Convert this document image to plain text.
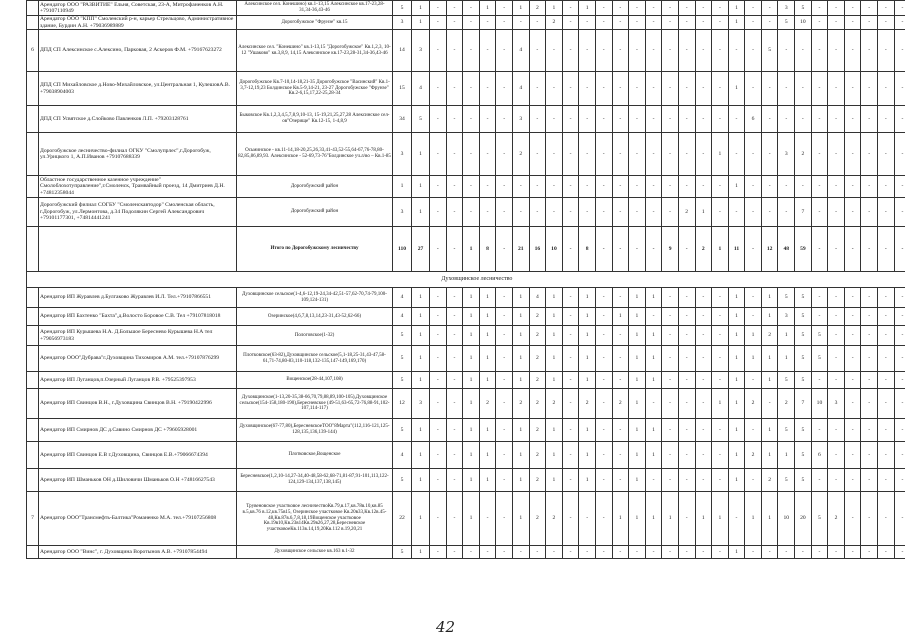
	Арендатор ООО "РАЗВИТИЕ" Ельня, Советская, 23-А, Митрофаненков А.Н. +79107110949	Алексинское сел. Конешино) кв.1-13,15 Алексинское кв.17-23,28-31,34-36,43-46	5	1	-	-	-	1	-	1	2	1	-	1	-	-	-	-	-	-	-	-	1	-	-	3	5	-	-	-	-	-	-
	Арендатор ООО "КПП" Смоленский р-н, карьер Стрельцово, Административное здание, Бурдин А.Н. +79036989889	Дорогобужское "Фрунзе" кв.15	3	1	-	-	-	-	-	-	-	2	-	-	-	-	-	-	-	-	-	-	1	-	-	5	10	-	-	-	-	-	-
6	ДПД СП Алексинское с.Алексино, Парковая, 2 Аскеров Ф.М. +79167623272	Алексинское сел. "Конешино" кв.1-13,15 "Дорогобужское" Кв.1,2,3, 10-12 "Ушаково" кв.3,8,9, 14,15 Алексинское кв.17-23,28-31,34-36,43-46	14	3	-	-	-	-	-	4	-	-	-	-	-	-	-	-	-	-	-	-	-	-	5	-	-	-	-	-	-	-	-
	ДПД СП Михайловское д.Ново-Михайловское, ул.Центральная 1, КулешовА.В. +79038904003	Дорогобужское Кв.7-10,14-18,21-35 Дорогобужское "Васинский" Кв.1-3,7-12,19,23 Болдинское Кв.5-9,14-21, 23-27 Дорогобужское "Фрунзе" Кв.2-6,15,17,22-25,28-34	15	4	-	-	-	-	-	4	-	-	-	-	-	-	-	-	-	-	-	-	1	-	-	-	-	-	-	-	-	-	-
	ДПД СП Усвятское д.Слойково Павленков Л.П. +79203128761	Быковское Кв.1,2,3,4,5,7,8,9,10-13, 15-19,21,25,27,28 Алексинское сел-ов"Озерище" Кв.12-15, 1-4,8,9	34	5	-	-	-	-	-	3	-	-	-	-	-	-	-	-	-	-	-	-	-	6	-	-	-	-	-	-	-	-	-
	Дорогобужское лесничество-филиал ОГКУ "Смолупрлес",г.Дорогобуж, ул.Урицкого 1, А.П.Иванов +79107688339	Осьминское - кв.11-14,18-20,25,26,33,41-43,52-55,64-67,76-78,80-82,85,86,89,93. Алексинское - 52-69,73-76"Болдинское уч.л/во – Кв.1-85	3	1	-	-	-	-	-	2	-	-	-	-	-	-	-	-	-	-	-	1	-	-	-	3	2	-	-	-	-	-	-
	Областное государственное казенное учреждение" Смолоблохотуправление",г.Смоленск, Трамвайный проезд, 14 Дмитриев Д.Н. +74812358044	Дорогобужский район	1	1	-	-	-	-	-	-	-	-	-	-	-	-	-	-	-	-	-	-	1	-	-	-	-	-	-	-	-	-	-
	Дорогобужский филиал СОГБУ "Смоленскавтодор" Смоленская область, г.Дорогобуж, ул.Лермонтова, д.34 Подолякин Сергей Александрович +79101177301, +74814441241	Дорогобужский район	3	1	-	-	-	-	-	-	-	-	-	-	-	-	-	-	-	2	1	-	-	-	-	-	7	-	-	-	-	-	-
		Итого по Дорогобужскому лесничеству	110	27	-	-	1	8	-	21	16	10	-	8	-	-	-	-	9	-	2	1	11	-	12	48	59	-	-	-	-	-	-
Духовщинское лесничество																																	
	Арендатор ИП Журавлев д.Булгаково Журавлев И.Л. Тел.+79107866551	Духовщинское сельское(1-4,6-12,19-24,34-42,51-57,62-70,74-79,100-109,124-131)	4	1	-	-	1	1	-	1	4	1	-	1	-	-	1	1	-	-	-	-	1	-	1	5	5	-	-	-	-	-	-
	Арендатор ИП Бахтенко "Бахта",д.Волосто Боровое С.В. Тел +79107818018	Озеринское(4,6,7,8,13,14,23-31,43-52,62-66)	4	1	-	-	1	1	-	1	2	1	-	1	-	1	1	-	-	-	-	-	1	-	1	3	5	-	-	-	-	-	-
	Арендатор ИП Курышева Н.А. Д.Большое Береснево Курышева Н.А тел +79056973183	Пологовское(1-32)	5	1	-	-	1	1	-	1	2	1	-	1	-	-	1	1	-	-	-	-	1	1	2	1	5	5	-	-	-	-	-
	Арендатор ООО"Дубрава"г.Духовщина Тихомиров А.М. тел.+79107876299	Плотковское(63-82),Духовщинское сельское(5,1-18,25-31,43-47,58-61,71-74,80-83,110-118,132-135,147-149,169,170)	5	1	-	-	1	1	-	1	2	1	-	1	-	-	1	1	-	-	-	-	1	1	1	1	5	5	-	-	-	-	-
	Арендатор ИП Луганцов,п.Озерный Луганцов Р.В. +79525397953	Вощенское(28-44,107,108)	5	1	-	-	1	1	-	1	2	1	-	1	-	-	1	1	-	-	-	-	1	-	1	5	5	-	-	-	-	-	-
	Арендатор ИП Свинцов В.Н., г.Духовщина Свинцов В.Н. +79190422996	Духовщинское(1-13,20-35,38-66,70,79,88,89,100-105),Духовщинское сельское(154-158,180-190),Бересневское (49-51,63-65,72-76,88-91,102-107,114-117)	12	3	-	-	1	2	-	2	2	2	-	2	-	2	1	-	-	-	-	1	1	2	-	2	7	10	3	-	-	-	-
	Арендатор ИП Смирнов ДС д.Савино Смирнов ДС +79605928001	Духовщинское(67-77,80),БересневскоеТОО"8Марта"(112,116-121,125-128,135,136,139-144)	5	1	-	-	1	1	-	1	2	1	-	1	-	-	1	1	-	-	-	-	1	-	1	5	5	-	-	-	-	-	-
	Арендатор ИП Свинцов Е.В г.Духовщина, Свинцов Е.В.+79066674394	Плотковское,Вощенское	4	1	-	-	1	1	-	1	2	1	-	1	-	-	1	1	-	-	-	-	1	2	1	1	5	6	-	-	-	-	-
	Арендатор ИП Шманьков ОН д.Шиловичи Шманьков О.Н +74816627543	Бересневское(1,2,10-14,27-34,40-48,58-62,68-71,81-87,91-101,113,122-124,129-134,137,138,145)	5	1	-	-	1	1	-	1	2	1	-	1	-	-	1	-	-	-	-	-	1	-	2	5	5	-	-	-	-	-	-
7	Арендатор ООО"Трансмефть-Балтика"Романенко М.А. тел.+79107256808	Трувеновское участковое лесничествоКв.79,в.17,кв.78в.10,кв.85 в.5,кв.76 в.12,кв.75в15, Озеринское участковое Кв.20в33,Кв.12в.45-48,Кв.87в.6,7,8,18,19Вощенское участковое Кв.19в10,Кв.23в14Кв.29в26,27,28,Бересневское участковоеКв.113в.14,19,20Кв.112 в.19,20,21	22	1	-	-	1	-	-	1	2	2	-	-	-	1	1	1	1	-	1	1	-	1	1	10	20	5	2	-	-	-	-
	Арендатор ООО "Винс", г. Духовщина Воротынов А.В. +79107854494	Духовщинское сельское кв.163 в.1-32	5	1	-	-	-	-	-	-	-	-	-	-	-	-	-	-	-	-	-	-	1	-	-	-	-	-	-	-	-	-	-
42
